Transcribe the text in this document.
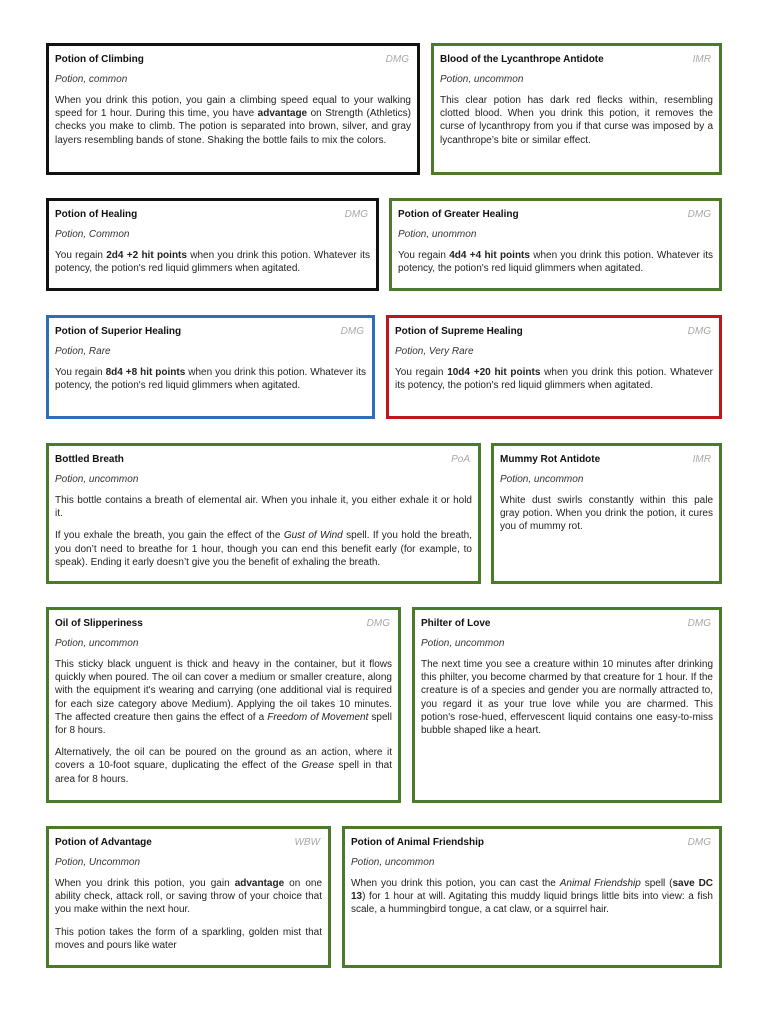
Potion of Climbing	DMG
Potion, common
When you drink this potion, you gain a climbing speed equal to your walking speed for 1 hour. During this time, you have advantage on Strength (Athletics) checks you make to climb. The potion is separated into brown, silver, and gray layers resembling bands of stone. Shaking the bottle fails to mix the colors.
Blood of the Lycanthrope Antidote	IMR
Potion, uncommon
This clear potion has dark red flecks within, resembling clotted blood. When you drink this potion, it removes the curse of lycanthropy from you if that curse was imposed by a lycanthrope’s bite or similar effect.
Potion of Healing	DMG
Potion, Common
You regain 2d4 +2 hit points when you drink this potion. Whatever its potency, the potion's red liquid glimmers when agitated.
Potion of Greater Healing	DMG
Potion, unommon
You regain 4d4 +4 hit points when you drink this potion. Whatever its potency, the potion's red liquid glimmers when agitated.
Potion of Superior Healing	DMG
Potion, Rare
You regain 8d4 +8 hit points when you drink this potion. Whatever its potency, the potion's red liquid glimmers when agitated.
Potion of Supreme Healing	DMG
Potion, Very Rare
You regain 10d4 +20 hit points when you drink this potion. Whatever its potency, the potion's red liquid glimmers when agitated.
Bottled Breath	PoA
Potion, uncommon
This bottle contains a breath of elemental air. When you inhale it, you either exhale it or hold it.
If you exhale the breath, you gain the effect of the Gust of Wind spell. If you hold the breath, you don’t need to breathe for 1 hour, though you can end this benefit early (for example, to speak). Ending it early doesn’t give you the benefit of exhaling the breath.
Mummy Rot Antidote	IMR
Potion, uncommon
White dust swirls constantly within this pale gray potion. When you drink the potion, it cures you of mummy rot.
Oil of Slipperiness	DMG
Potion, uncommon
This sticky black unguent is thick and heavy in the container, but it flows quickly when poured. The oil can cover a medium or smaller creature, along with the equipment it's wearing and carrying (one additional vial is required for each size category above Medium). Applying the oil takes 10 minutes. The affected creature then gains the effect of a Freedom of Movement spell for 8 hours.
Alternatively, the oil can be poured on the ground as an action, where it covers a 10-foot square, duplicating the effect of the Grease spell in that area for 8 hours.
Philter of Love	DMG
Potion, uncommon
The next time you see a creature within 10 minutes after drinking this philter, you become charmed by that creature for 1 hour. If the creature is of a species and gender you are normally attracted to, you regard it as your true love while you are charmed. This potion's rose-hued, effervescent liquid contains one easy-to-miss bubble shaped like a heart.
Potion of Advantage	WBW
Potion, Uncommon
When you drink this potion, you gain advantage on one ability check, attack roll, or saving throw of your choice that you make within the next hour.
This potion takes the form of a sparkling, golden mist that moves and pours like water
Potion of Animal Friendship	DMG
Potion, uncommon
When you drink this potion, you can cast the Animal Friendship spell (save DC 13) for 1 hour at will. Agitating this muddy liquid brings little bits into view: a fish scale, a hummingbird tongue, a cat claw, or a squirrel hair.
